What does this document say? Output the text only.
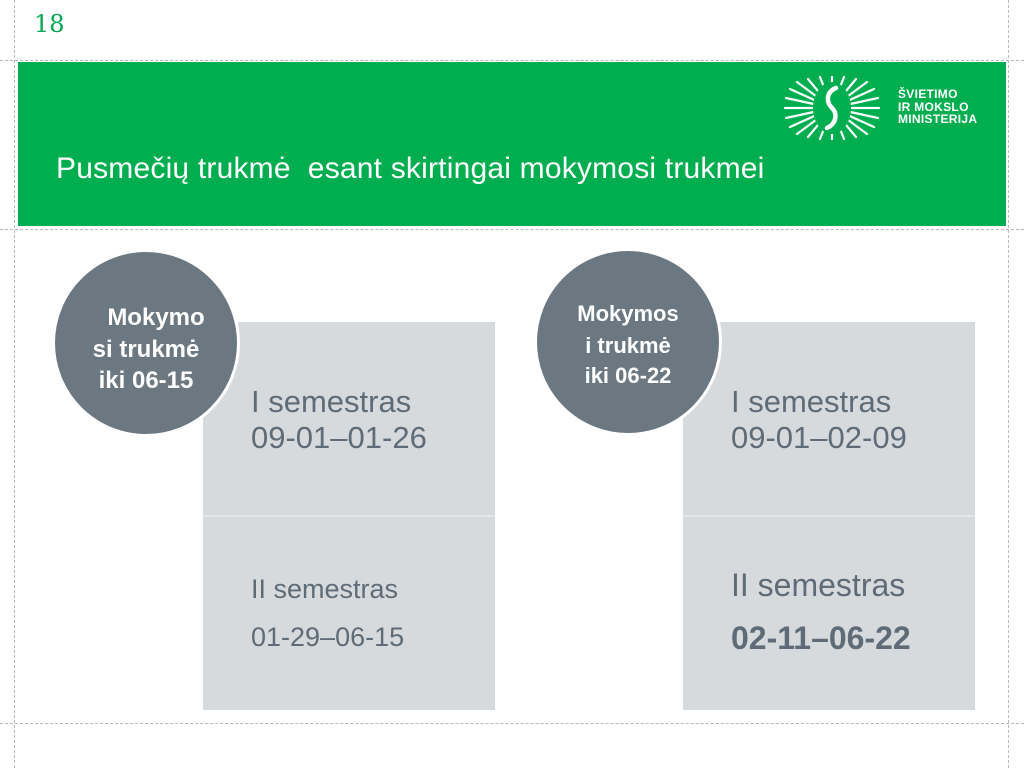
18
ŠVIETIMO
IR MOKSLO
MINISTERIJA
Pusmečių trukmė  esant skirtingai mokymosi trukmei
I semestras
09-01–01-26
II semestras
01-29–06-15
Mokymo
si trukmė
iki 06-15
I semestras
09-01–02-09
II semestras
02-11–06-22
Mokymos
i trukmė
iki 06-22
